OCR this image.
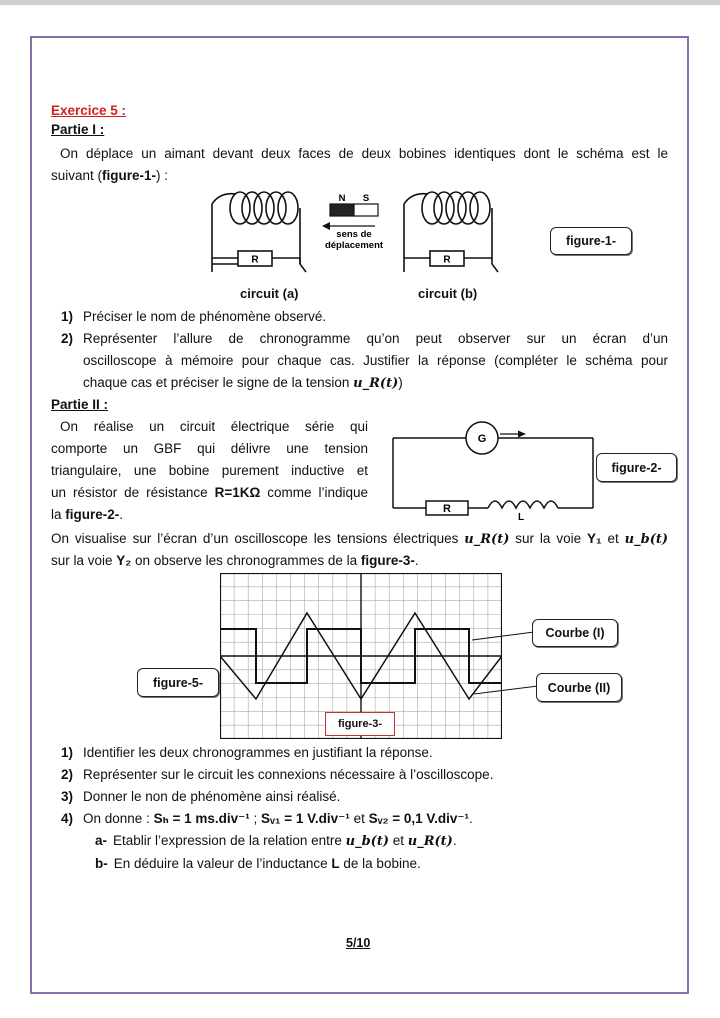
Exercice 5 :
Partie I :
On déplace un aimant devant deux faces de deux bobines identiques dont le schéma est le
suivant (figure-1-) :
R
N S
sens de
déplacement
R
circuit (a)	circuit (b)
figure-1-
1) Préciser le nom de phénomène observé.
2) Représenter l’allure de chronogramme qu’on peut observer sur un écran d’un
oscilloscope à mémoire pour chaque cas. Justifier la réponse (compléter le schéma pour
chaque cas et préciser le signe de la tension u_R(t))
Partie II :
On réalise un circuit électrique série qui
comporte un GBF qui délivre une tension
triangulaire, une bobine purement inductive et
un résistor de résistance R=1KΩ comme l’indique
la figure-2-.
G
R
L
figure-2-
On visualise sur l’écran d’un oscilloscope les tensions électriques u_R(t) sur la voie Y₁ et u_b(t)
sur la voie Y₂ on observe les chronogrammes de la figure-3-.
figure-3-
Courbe (I)
Courbe (II)
figure-5-
1) Identifier les deux chronogrammes en justifiant la réponse.
2) Représenter sur le circuit les connexions nécessaire à l’oscilloscope.
3) Donner le non de phénomène ainsi réalisé.
4) On donne : Sₕ = 1 ms.div⁻¹ ; Sᵥ₁ = 1 V.div⁻¹ et Sᵥ₂ = 0,1 V.div⁻¹.
a- Etablir l’expression de la relation entre u_b(t) et u_R(t).
b- En déduire la valeur de l’inductance L de la bobine.
5/10
